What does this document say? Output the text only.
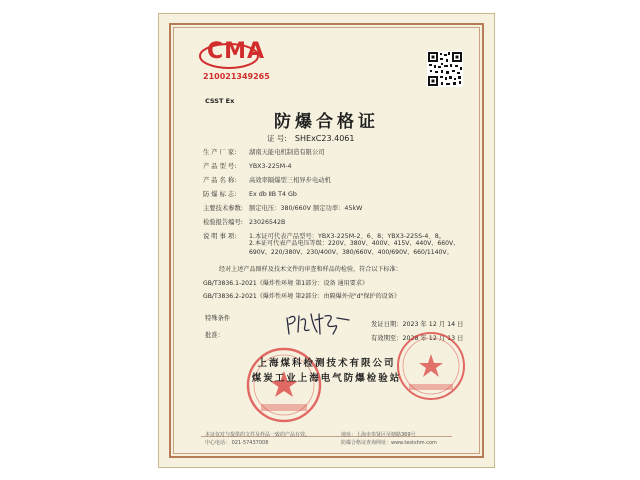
CMA
210021349265
CSST Ex
防爆合格证
证 号: SHExC23.4061
生 产 厂 家: 湖南天能电机制造有限公司
产 品 型 号: YBX3-225M-4
产 品 名 称: 高效率隔爆型三相异步电动机
防 爆 标 志: Ex db ⅡB T4 Gb
主要技术参数: 额定电压：380/660V 额定功率：45kW
检验报告编号: 23026542B
说 明 事 项: 1.本证可代表产品型号：YBX3-225M-2、6、8；YBX3-225S-4、8。
2.本证可代表产品电压等级：220V、380V、400V、415V、440V、660V、
690V、220/380V、230/400V、380/660V、400/690V、660/1140V。
经对上述产品图样及技术文件的审查和样品的检验，符合以下标准：
GB/T3836.1-2021《爆炸性环境 第1部分：设备 通用要求》
GB/T3836.2-2021《爆炸性环境 第2部分：由隔爆外壳"d"保护的设备》
特殊条件
批准：
发证日期：2023 年 12 月 14 日
有效期至：2028 年 12 月 13 日
上海煤科检测技术有限公司
煤炭工业上海电气防爆检验站
本证仅对与提供的文件及样品一致的产品有效。
中心电话： 021-57437008
地址：上海市奉贤区吴塘路369号
防爆合格证查询网址：www.testshm.com
